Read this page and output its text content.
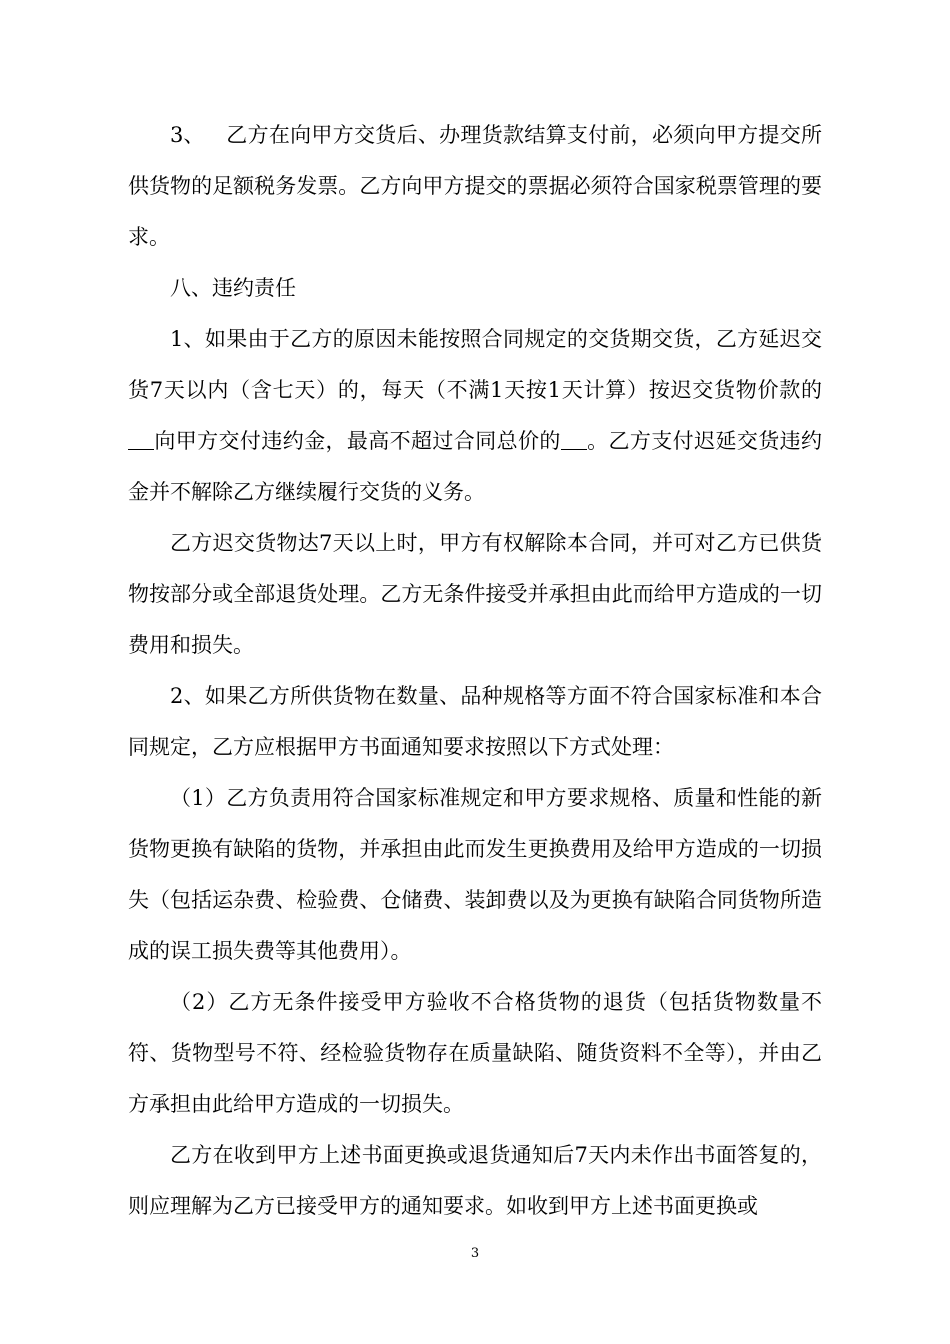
3、 乙方在向甲方交货后、办理货款结算支付前，必须向甲方提交所供货物的足额税务发票。乙方向甲方提交的票据必须符合国家税票管理的要求。

八、违约责任

1、如果由于乙方的原因未能按照合同规定的交货期交货，乙方延迟交货7天以内（含七天）的，每天（不满1天按1天计算）按迟交货物价款的向甲方交付违约金，最高不超过合同总价的 。乙方支付迟延交货违约金并不解除乙方继续履行交货的义务。

乙方迟交货物达7天以上时，甲方有权解除本合同，并可对乙方已供货物按部分或全部退货处理。乙方无条件接受并承担由此而给甲方造成的一切费用和损失。

2、如果乙方所供货物在数量、品种规格等方面不符合国家标准和本合同规定，乙方应根据甲方书面通知要求按照以下方式处理：

（1）乙方负责用符合国家标准规定和甲方要求规格、质量和性能的新货物更换有缺陷的货物，并承担由此而发生更换费用及给甲方造成的一切损失（包括运杂费、检验费、仓储费、装卸费以及为更换有缺陷合同货物所造成的误工损失费等其他费用）。

（2）乙方无条件接受甲方验收不合格货物的退货（包括货物数量不符、货物型号不符、经检验货物存在质量缺陷、随货资料不全等），并由乙方承担由此给甲方造成的一切损失。

乙方在收到甲方上述书面更换或退货通知后7天内未作出书面答复的，则应理解为乙方已接受甲方的通知要求。如收到甲方上述书面更换或

3
